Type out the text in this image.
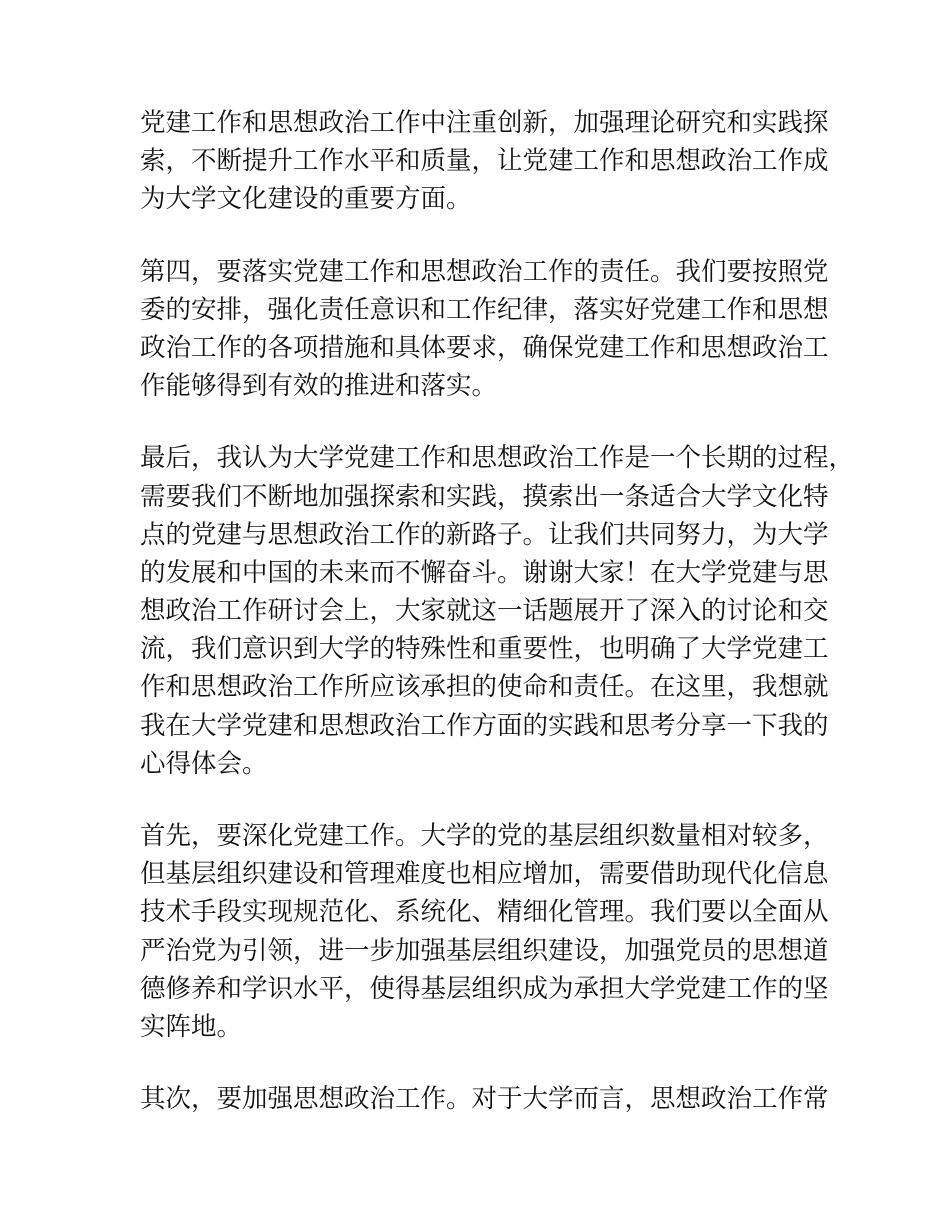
党建工作和思想政治工作中注重创新，加强理论研究和实践探
索，不断提升工作水平和质量，让党建工作和思想政治工作成
为大学文化建设的重要方面。

第四，要落实党建工作和思想政治工作的责任。我们要按照党
委的安排，强化责任意识和工作纪律，落实好党建工作和思想
政治工作的各项措施和具体要求，确保党建工作和思想政治工
作能够得到有效的推进和落实。

最后，我认为大学党建工作和思想政治工作是一个长期的过程，
需要我们不断地加强探索和实践，摸索出一条适合大学文化特
点的党建与思想政治工作的新路子。让我们共同努力，为大学
的发展和中国的未来而不懈奋斗。谢谢大家！在大学党建与思
想政治工作研讨会上，大家就这一话题展开了深入的讨论和交
流，我们意识到大学的特殊性和重要性，也明确了大学党建工
作和思想政治工作所应该承担的使命和责任。在这里，我想就
我在大学党建和思想政治工作方面的实践和思考分享一下我的
心得体会。

首先，要深化党建工作。大学的党的基层组织数量相对较多，
但基层组织建设和管理难度也相应增加，需要借助现代化信息
技术手段实现规范化、系统化、精细化管理。我们要以全面从
严治党为引领，进一步加强基层组织建设，加强党员的思想道
德修养和学识水平，使得基层组织成为承担大学党建工作的坚
实阵地。

其次，要加强思想政治工作。对于大学而言，思想政治工作常
